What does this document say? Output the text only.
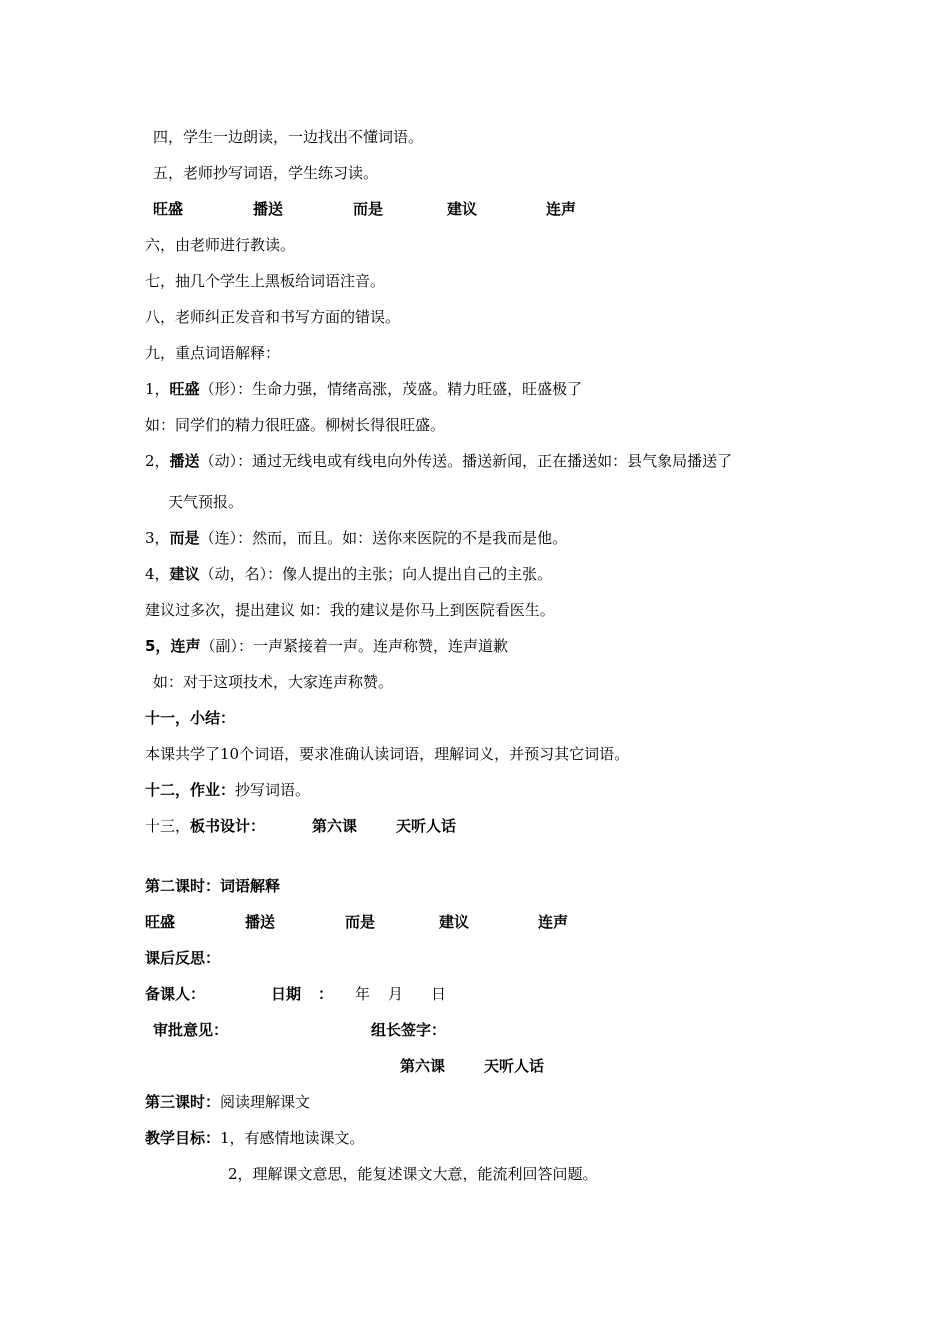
四，学生一边朗读，一边找出不懂词语。
五，老师抄写词语，学生练习读。
旺盛	播送	而是	建议	连声
六，由老师进行教读。
七，抽几个学生上黑板给词语注音。
八，老师纠正发音和书写方面的错误。
九，重点词语解释：
1，旺盛（形）：生命力强，情绪高涨，茂盛。精力旺盛，旺盛极了
如：同学们的精力很旺盛。柳树长得很旺盛。
2，播送（动）：通过无线电或有线电向外传送。播送新闻，正在播送如：县气象局播送了
天气预报。
3，而是（连）：然而，而且。如：送你来医院的不是我而是他。
4，建议（动，名）：像人提出的主张；向人提出自己的主张。
建议过多次，提出建议 如：我的建议是你马上到医院看医生。
5，连声（副）：一声紧接着一声。连声称赞，连声道歉
如：对于这项技术，大家连声称赞。
十一，小结：
本课共学了10个词语，要求准确认读词语，理解词义，并预习其它词语。
十二，作业：抄写词语。
十三，板书设计：	第六课	天听人话
第二课时：词语解释
旺盛	播送	而是	建议	连声
课后反思：
备课人：	日期 ： 年 月 日
审批意见：	组长签字：
第六课	天听人话
第三课时：阅读理解课文
教学目标：1，有感情地读课文。
2，理解课文意思，能复述课文大意，能流利回答问题。
